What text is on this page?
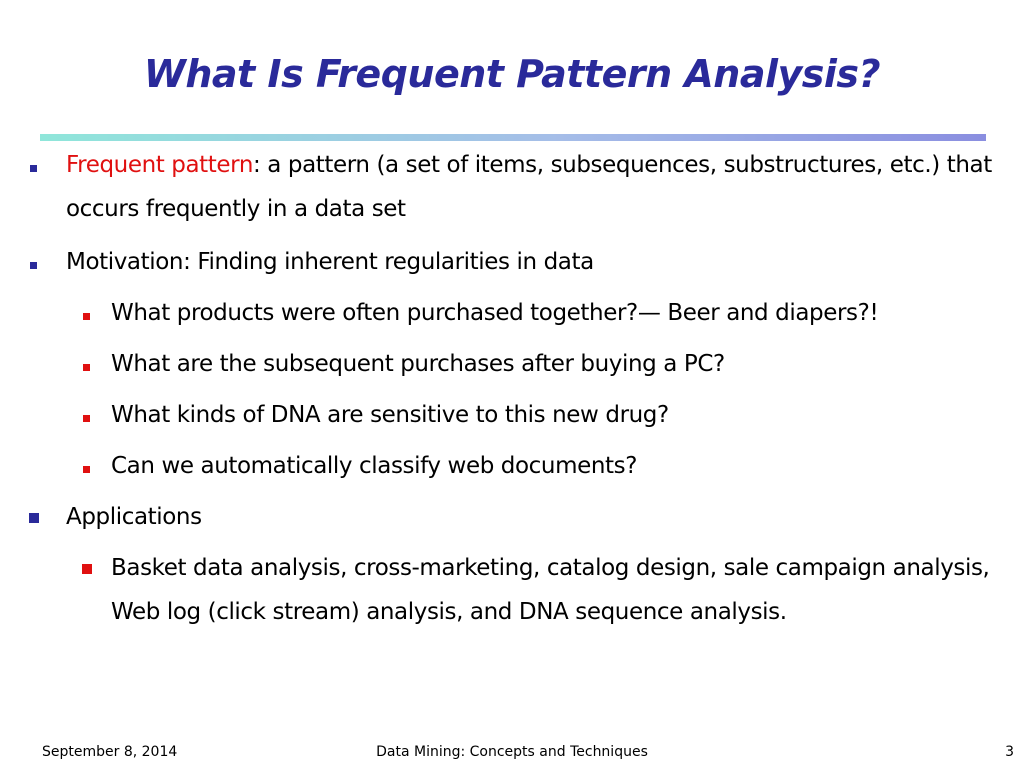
What Is Frequent Pattern Analysis?
Frequent pattern: a pattern (a set of items, subsequences, substructures, etc.) that occurs frequently in a data set
Motivation: Finding inherent regularities in data
What products were often purchased together?— Beer and diapers?!
What are the subsequent purchases after buying a PC?
What kinds of DNA are sensitive to this new drug?
Can we automatically classify web documents?
Applications
Basket data analysis, cross-marketing, catalog design, sale campaign analysis, Web log (click stream) analysis, and DNA sequence analysis.
September 8, 2014	Data Mining: Concepts and Techniques	3
